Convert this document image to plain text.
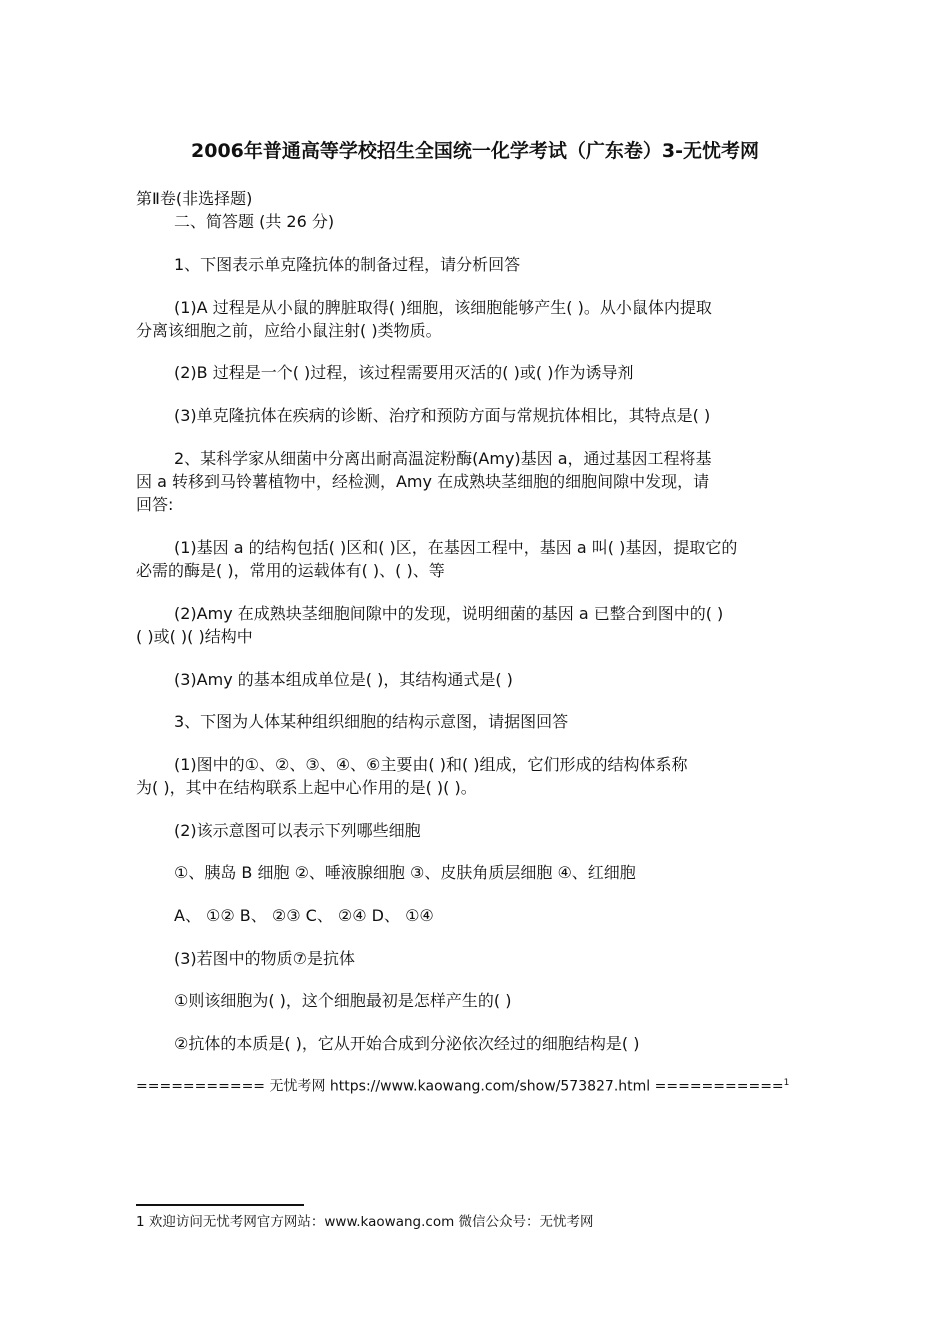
2006年普通高等学校招生全国统一化学考试（广东卷）3-无忧考网
第Ⅱ卷(非选择题)
二、简答题 (共 26 分)
1、下图表示单克隆抗体的制备过程，请分析回答
(1)A 过程是从小鼠的脾脏取得( )细胞，该细胞能够产生( )。从小鼠体内提取
分离该细胞之前，应给小鼠注射( )类物质。
(2)B 过程是一个( )过程，该过程需要用灭活的( )或( )作为诱导剂
(3)单克隆抗体在疾病的诊断、治疗和预防方面与常规抗体相比，其特点是( )
2、某科学家从细菌中分离出耐高温淀粉酶(Amy)基因 a，通过基因工程将基
因 a 转移到马铃薯植物中，经检测，Amy 在成熟块茎细胞的细胞间隙中发现，请
回答:
(1)基因 a 的结构包括( )区和( )区，在基因工程中，基因 a 叫( )基因，提取它的
必需的酶是( )，常用的运载体有( )、( )、等
(2)Amy 在成熟块茎细胞间隙中的发现，说明细菌的基因 a 已整合到图中的( )
( )或( )( )结构中
(3)Amy 的基本组成单位是( )，其结构通式是( )
3、下图为人体某种组织细胞的结构示意图，请据图回答
(1)图中的①、②、③、④、⑥主要由( )和( )组成，它们形成的结构体系称
为( )，其中在结构联系上起中心作用的是( )( )。
(2)该示意图可以表示下列哪些细胞
①、胰岛 B 细胞 ②、唾液腺细胞 ③、皮肤角质层细胞 ④、红细胞
A、 ①② B、 ②③ C、 ②④ D、 ①④
(3)若图中的物质⑦是抗体
①则该细胞为( )，这个细胞最初是怎样产生的( )
②抗体的本质是( )，它从开始合成到分泌依次经过的细胞结构是( )
=========== 无忧考网 https://www.kaowang.com/show/573827.html ===========$^1$
1 欢迎访问无忧考网官方网站：www.kaowang.com 微信公众号：无忧考网
